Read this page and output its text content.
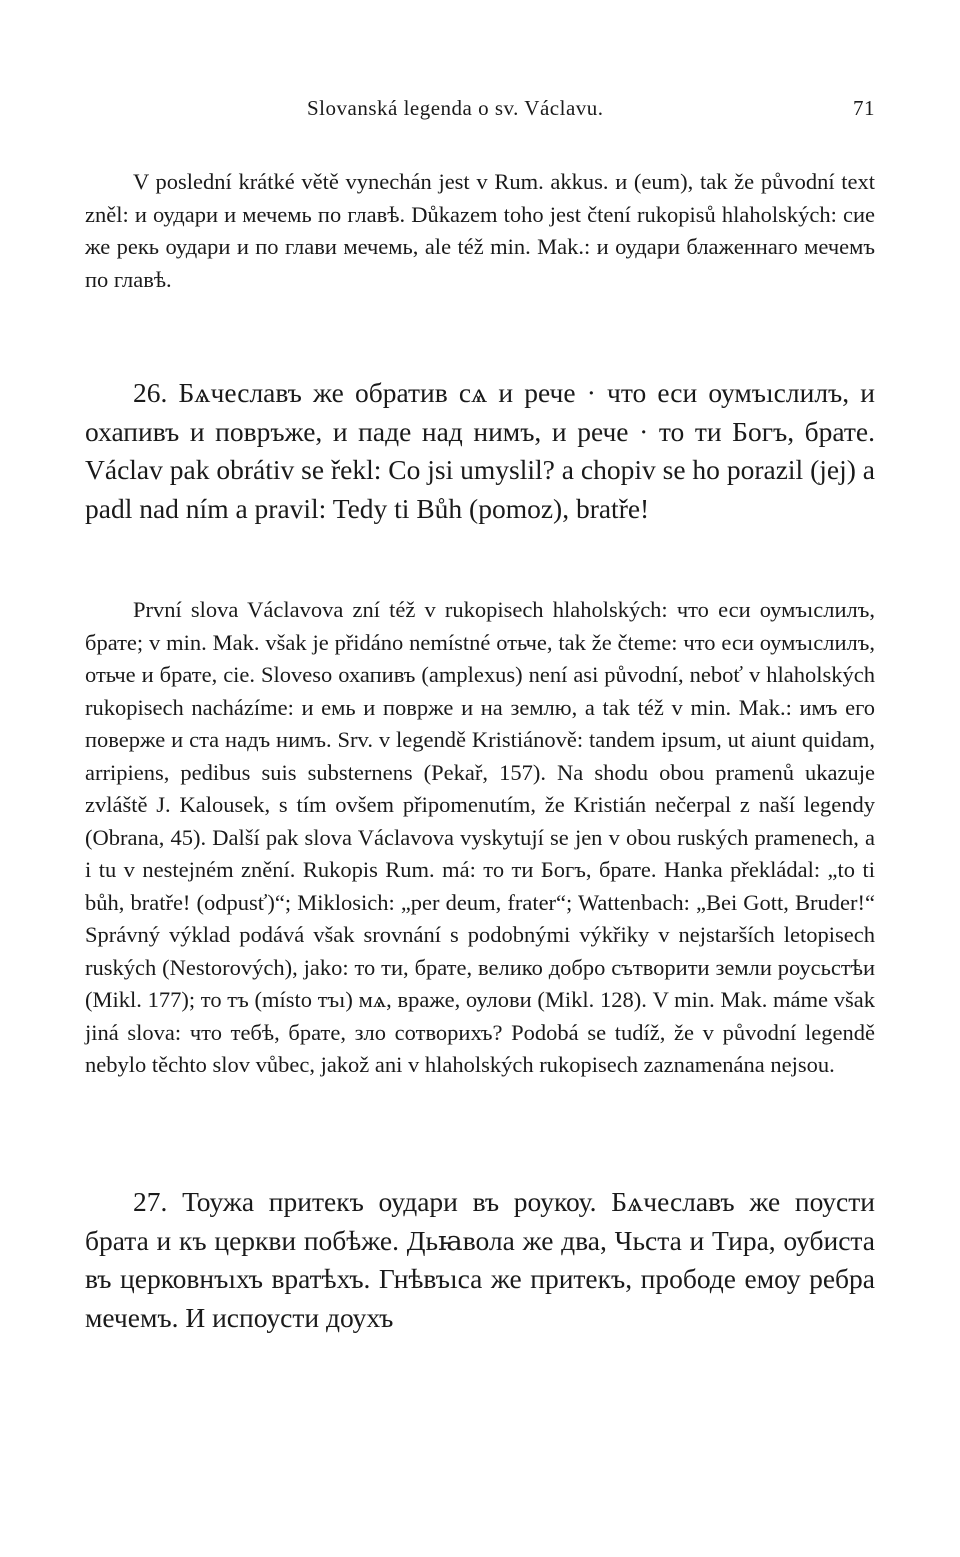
Slovanská legenda o sv. Václavu.	71

V poslední krátké větě vynechán jest v Rum. akkus. и (eum), tak že původní text zněl: и оудари и мечемь по главѣ. Důkazem toho jest čtení rukopisů hlaholských: сие же рекь оудари и по глави мечемь, ale též min. Mak.: и оудари блаженнаго мечемъ по главѣ.

26. Бѧчеславъ же обратив сѧ и рече · что еси оумъıслилъ, и охапивъ и повръже, и паде над нимъ, и рече · то ти Богъ, брате. Václav pak obrátiv se řekl: Co jsi umyslil? a chopiv se ho porazil (jej) a padl nad ním a pravil: Tedy ti Bůh (pomoz), bratře!

První slova Václavova zní též v rukopisech hlaholských: что еси оумъıслилъ, брате; v min. Mak. však je přidáno nemístné отьче, tak že čteme: что еси оумъıслилъ, отьче и брате, сiе. Sloveso охапивъ (amplexus) není asi původní, neboť v hlaholských rukopisech nacházíme: и емь и поврже и на землю, a tak též v min. Mak.: имъ его поверже и ста надъ нимъ. Srv. v legendě Kristiánově: tandem ipsum, ut aiunt quidam, arripiens, pedibus suis substernens (Pekař, 157). Na shodu obou pramenů ukazuje zvláště J. Kalousek, s tím ovšem připomenutím, že Kristián nečerpal z naší legendy (Obrana, 45). Další pak slova Václavova vyskytují se jen v obou ruských pramenech, a i tu v nestejném znění. Rukopis Rum. má: то ти Богъ, брате. Hanka překládal: „to ti bůh, bratře! (odpusť)“; Miklosich: „per deum, frater“; Wattenbach: „Bei Gott, Bruder!“ Správný výklad podává však srovnání s podobnými výkřiky v nejstarších letopisech ruských (Nestorových), jako: то ти, брате, велико добро сътворити земли роусьстѣи (Mikl. 177); то тъ (místo тъı) мѧ, враже, оулови (Mikl. 128). V min. Mak. máme však jiná slova: что тебѣ, брате, зло сотворихъ? Podobá se tudíž, že v původní legendě nebylo těchto slov vůbec, jakož ani v hlaholských rukopisech zaznamenána nejsou.

27. Тоужа притекъ оудари въ роукоу. Бѧчеславъ же поусти брата и къ церкви побѣже. Дьꙗвола же два, Чьста и Тира, оубиста въ церковнъıхъ вратѣхъ. Гнѣвъıса же притекъ, прободе емоу ребра мечемъ. И испоусти доухъ
